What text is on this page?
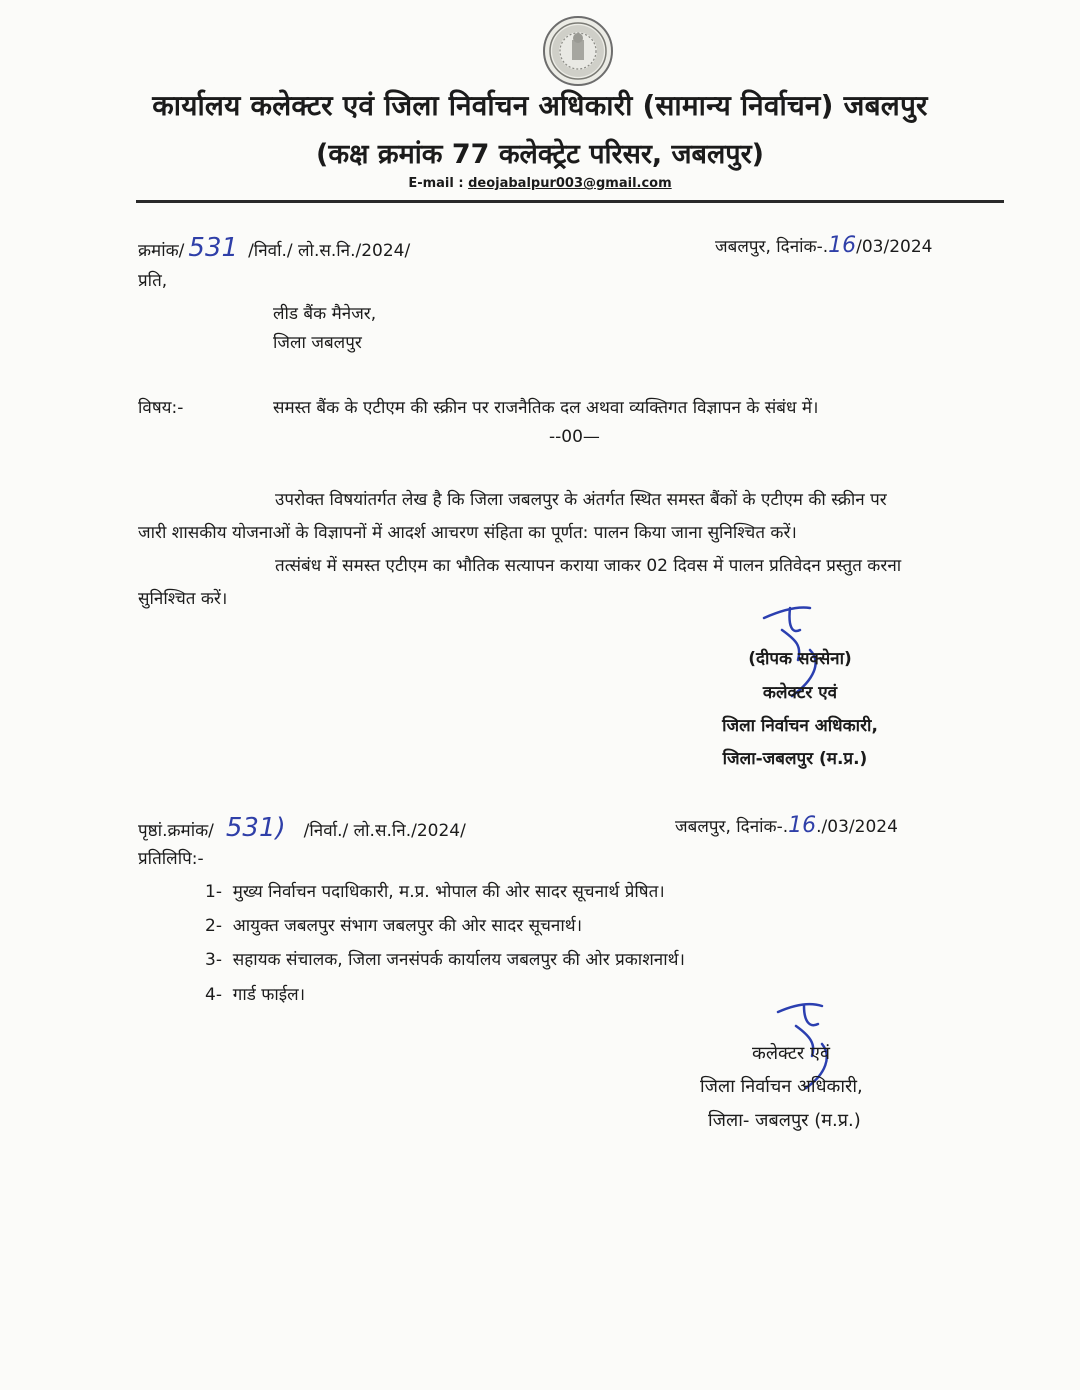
कार्यालय कलेक्टर एवं जिला निर्वाचन अधिकारी (सामान्य निर्वाचन) जबलपुर
(कक्ष क्रमांक 77 कलेक्ट्रेट परिसर, जबलपुर)
E-mail : deojabalpur003@gmail.com
क्रमांक/ 531 /निर्वा./ लो.स.नि./2024/	जबलपुर, दिनांक-.16/03/2024
प्रति,
लीड बैंक मैनेजर,
जिला जबलपुर
विषय:-	समस्त बैंक के एटीएम की स्क्रीन पर राजनैतिक दल अथवा व्यक्तिगत विज्ञापन के संबंध में।
--00—
उपरोक्त विषयांतर्गत लेख है कि जिला जबलपुर के अंतर्गत स्थित समस्त बैंकों के एटीएम की स्क्रीन पर
जारी शासकीय योजनाओं के विज्ञापनों में आदर्श आचरण संहिता का पूर्णत: पालन किया जाना सुनिश्चित करें।
तत्संबंध में समस्त एटीएम का भौतिक सत्यापन कराया जाकर 02 दिवस में पालन प्रतिवेदन प्रस्तुत करना
सुनिश्चित करें।
(दीपक सक्सेना)
कलेक्टर एवं
जिला निर्वाचन अधिकारी,
जिला-जबलपुर (म.प्र.)
पृष्ठां.क्रमांक/ 531) /निर्वा./ लो.स.नि./2024/	जबलपुर, दिनांक-.16./03/2024
प्रतिलिपि:-
1- मुख्य निर्वाचन पदाधिकारी, म.प्र. भोपाल की ओर सादर सूचनार्थ प्रेषित।
2- आयुक्त जबलपुर संभाग जबलपुर की ओर सादर सूचनार्थ।
3- सहायक संचालक, जिला जनसंपर्क कार्यालय जबलपुर की ओर प्रकाशनार्थ।
4- गार्ड फाईल।
कलेक्टर एवं
जिला निर्वाचन अधिकारी,
जिला- जबलपुर (म.प्र.)
